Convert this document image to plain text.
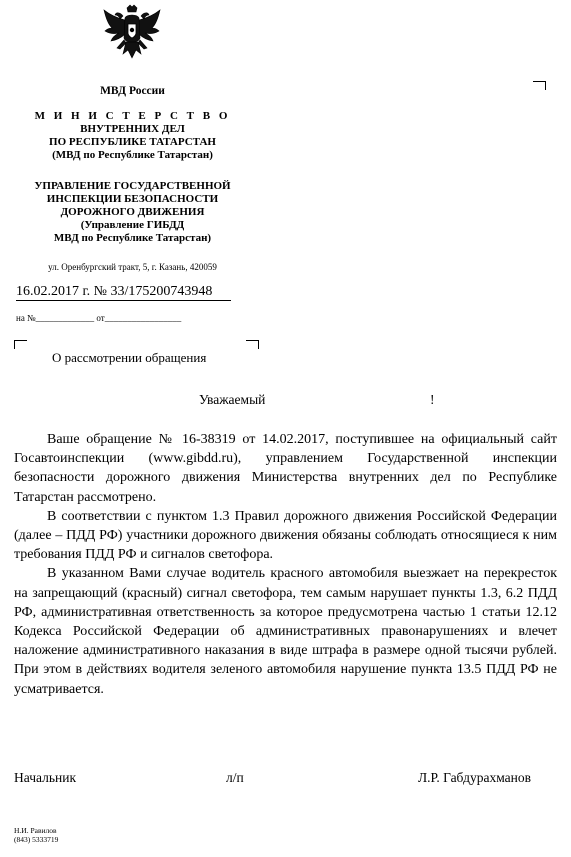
МВД России
М И Н И С Т Е Р С Т В О
ВНУТРЕННИХ ДЕЛ
ПО РЕСПУБЛИКЕ ТАТАРСТАН
(МВД по Республике Татарстан)
УПРАВЛЕНИЕ ГОСУДАРСТВЕННОЙ
ИНСПЕКЦИИ БЕЗОПАСНОСТИ
ДОРОЖНОГО ДВИЖЕНИЯ
(Управление ГИБДД
МВД по Республике Татарстан)
ул. Оренбургский тракт, 5, г. Казань, 420059
16.02.2017 г. № 33/175200743948
на №_____________ от_________________
О рассмотрении обращения
Уважаемый	!

Ваше обращение № 16-38319 от 14.02.2017, поступившее на официальный сайт Госавтоинспекции (www.gibdd.ru), управлением Государственной инспекции безопасности дорожного движения Министерства внутренних дел по Республике Татарстан рассмотрено.

В соответствии с пунктом 1.3 Правил дорожного движения Российской Федерации (далее – ПДД РФ) участники дорожного движения обязаны соблюдать относящиеся к ним требования ПДД РФ и сигналов светофора.

В указанном Вами случае водитель красного автомобиля выезжает на перекресток на запрещающий (красный) сигнал светофора, тем самым нарушает пункты 1.3, 6.2 ПДД РФ, административная ответственность за которое предусмотрена частью 1 статьи 12.12 Кодекса Российской Федерации об административных правонарушениях и влечет наложение административного наказания в виде штрафа в размере одной тысячи рублей. При этом в действиях водителя зеленого автомобиля нарушение пункта 13.5 ПДД РФ не усматривается.

Начальник	л/п	Л.Р. Габдурахманов
Н.И. Равилов
(843) 5333719
